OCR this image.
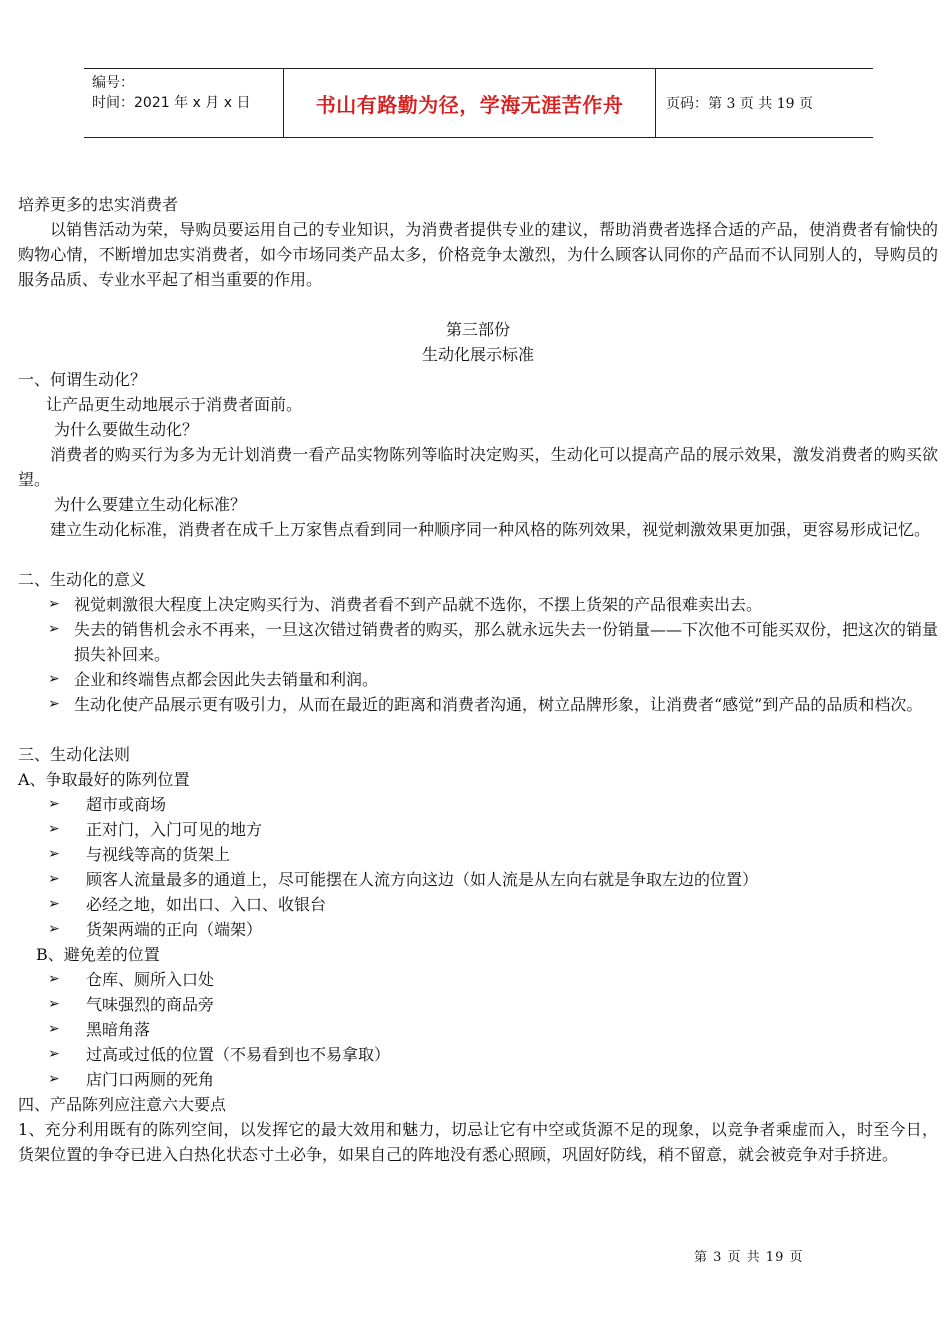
编号：
时间：2021 年 x 月 x 日	书山有路勤为径，学海无涯苦作舟	页码：第 3 页 共 19 页

培养更多的忠实消费者

以销售活动为荣，导购员要运用自己的专业知识，为消费者提供专业的建议，帮助消费者选择合适的产品，使消费者有愉快的购物心情，不断增加忠实消费者，如今市场同类产品太多，价格竞争太激烈，为什么顾客认同你的产品而不认同别人的，导购员的服务品质、专业水平起了相当重要的作用。

第三部份

生动化展示标准

一、何谓生动化？

让产品更生动地展示于消费者面前。

为什么要做生动化？

消费者的购买行为多为无计划消费一看产品实物陈列等临时决定购买，生动化可以提高产品的展示效果，激发消费者的购买欲望。

为什么要建立生动化标准？

建立生动化标准，消费者在成千上万家售点看到同一种顺序同一种风格的陈列效果，视觉刺激效果更加强，更容易形成记忆。

二、生动化的意义

➢ 视觉刺激很大程度上决定购买行为、消费者看不到产品就不选你，不摆上货架的产品很难卖出去。
➢ 失去的销售机会永不再来，一旦这次错过销费者的购买，那么就永远失去一份销量——下次他不可能买双份，把这次的销量损失补回来。
➢ 企业和终端售点都会因此失去销量和利润。
➢ 生动化使产品展示更有吸引力，从而在最近的距离和消费者沟通，树立品牌形象，让消费者“感觉”到产品的品质和档次。

三、生动化法则

A、争取最好的陈列位置

➢	超市或商场
➢	正对门，入门可见的地方
➢	与视线等高的货架上
➢	顾客人流量最多的通道上，尽可能摆在人流方向这边（如人流是从左向右就是争取左边的位置）
➢	必经之地，如出口、入口、收银台
➢	货架两端的正向（端架）

B、避免差的位置

➢	仓库、厕所入口处
➢	气味强烈的商品旁
➢	黑暗角落
➢	过高或过低的位置（不易看到也不易拿取）
➢	店门口两厕的死角

四、产品陈列应注意六大要点

1、充分利用既有的陈列空间，以发挥它的最大效用和魅力，切忌让它有中空或货源不足的现象，以竞争者乘虚而入，时至今日，货架位置的争夺已进入白热化状态寸土必争，如果自己的阵地没有悉心照顾，巩固好防线，稍不留意，就会被竞争对手挤进。

第 3 页 共 19 页
